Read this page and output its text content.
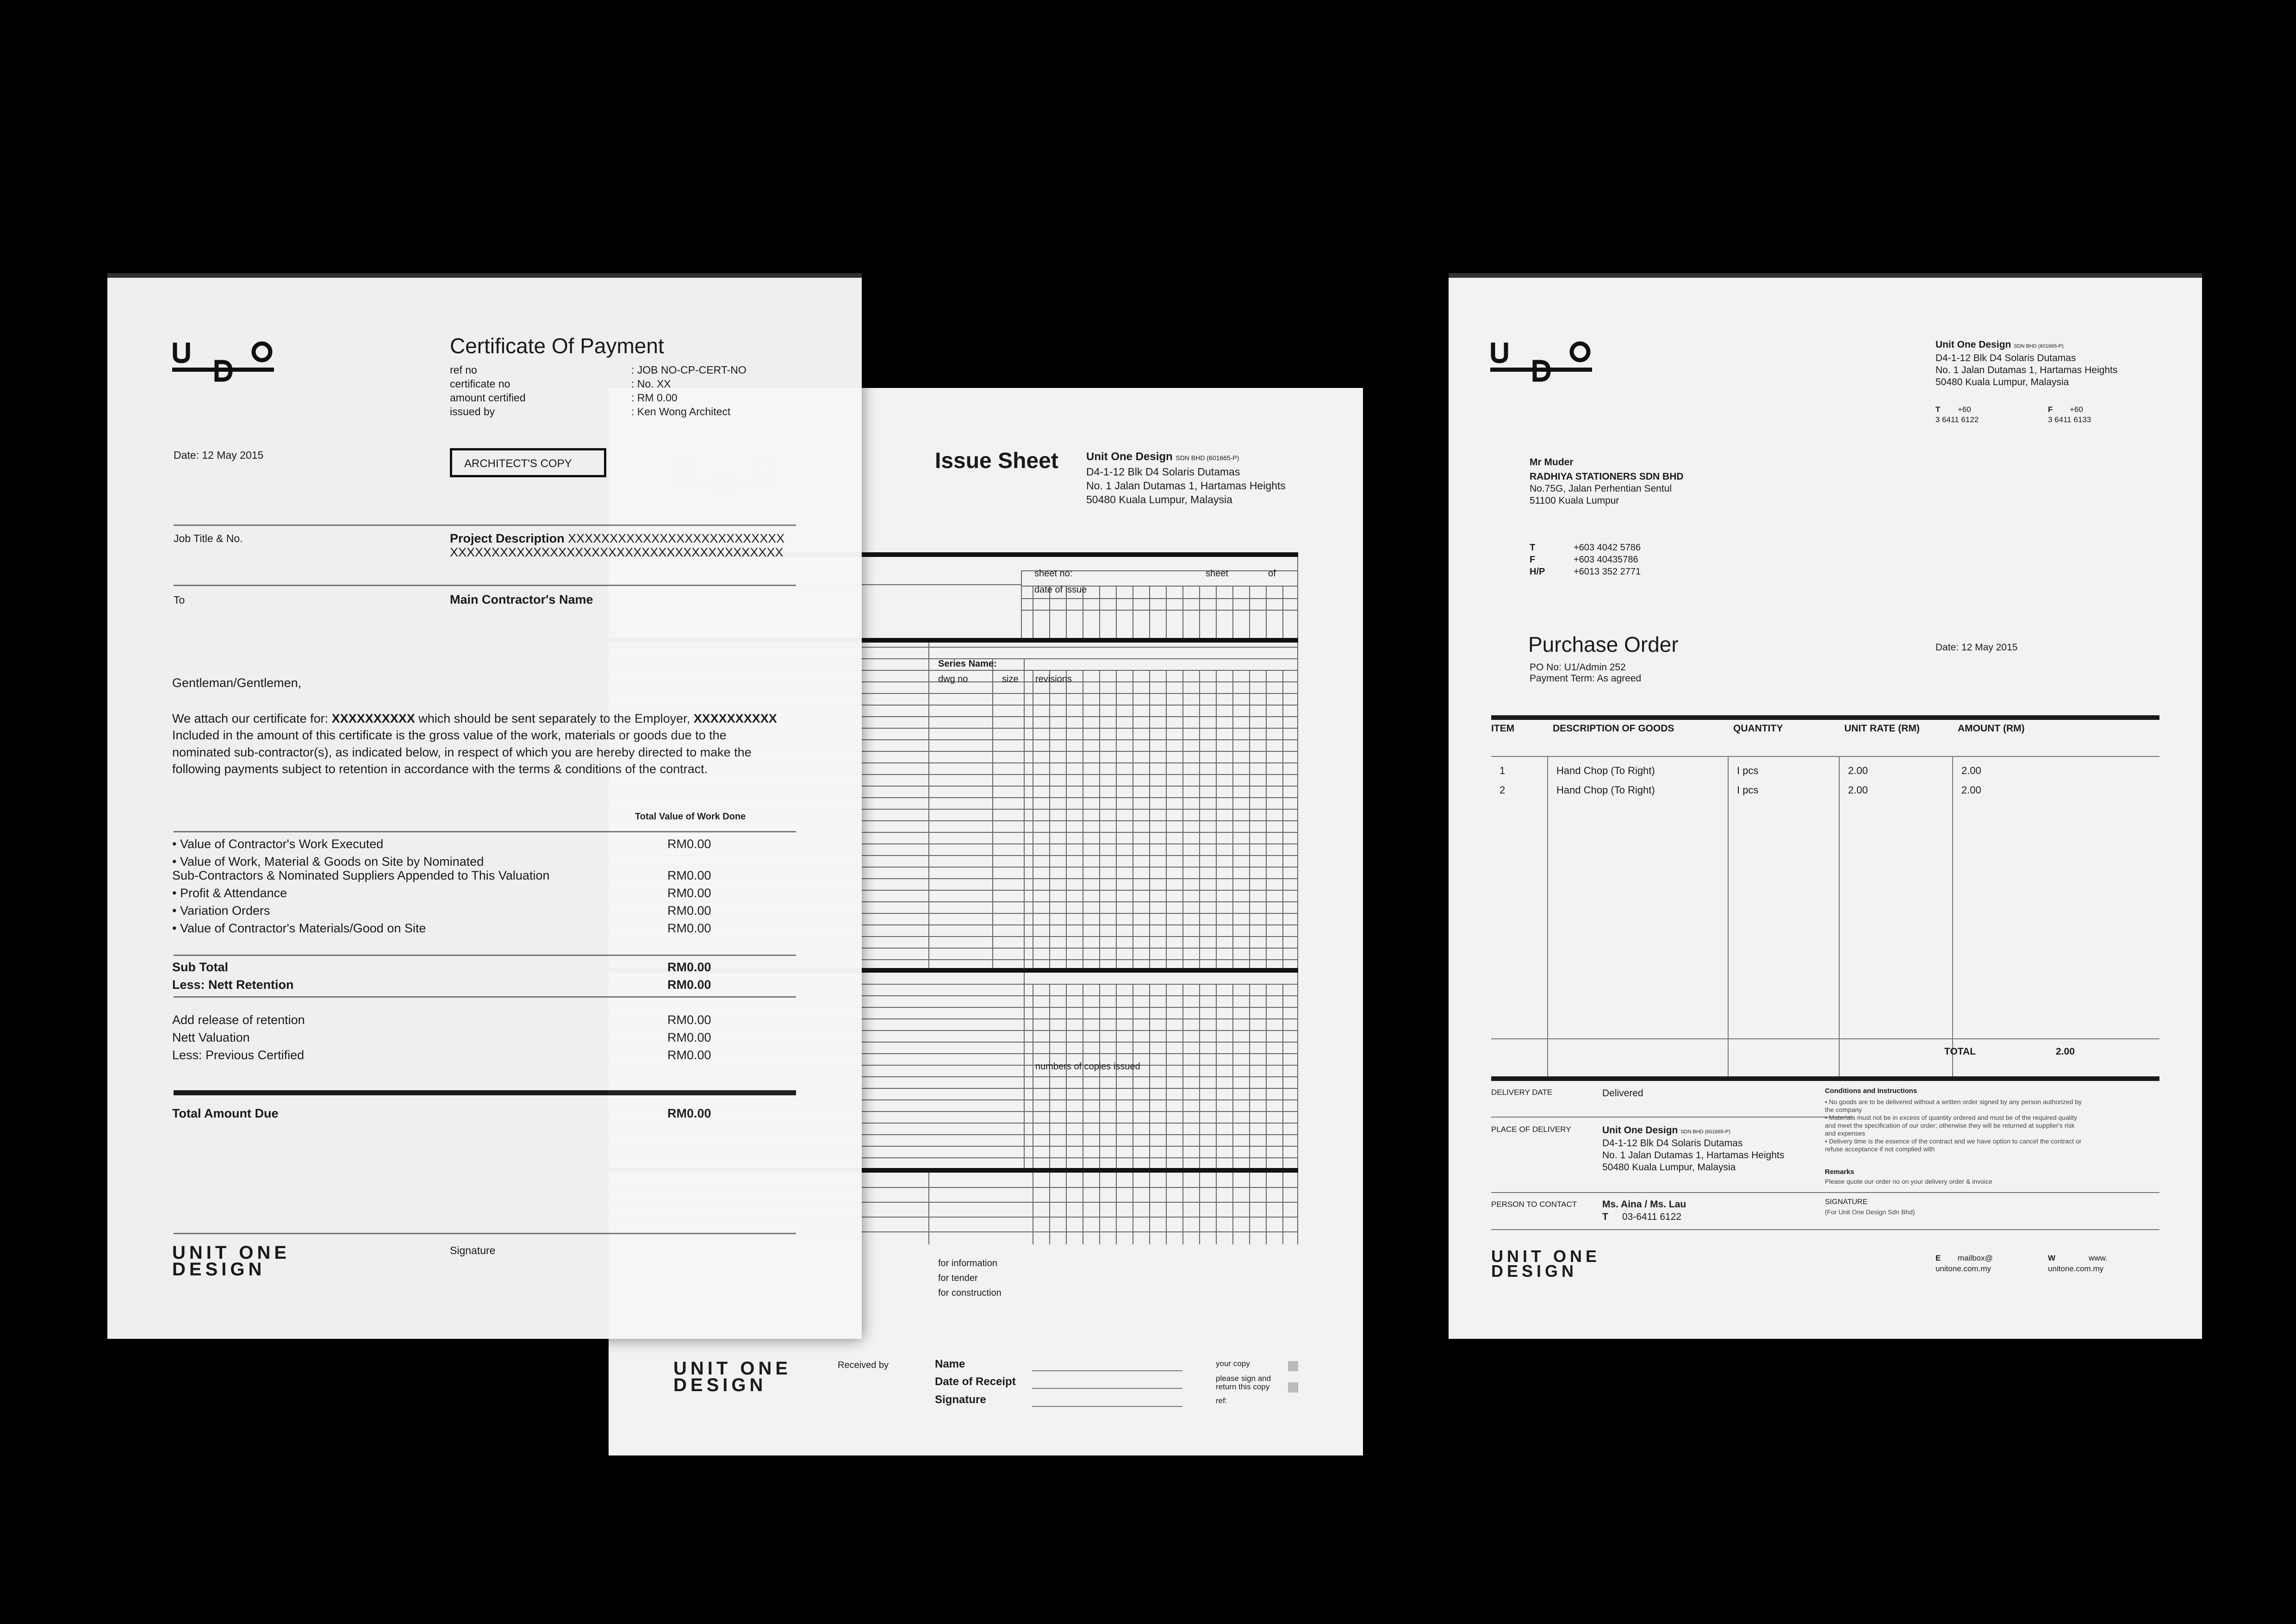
Issue Sheet	Unit One Design SDN BHD (601665-P)
D4-1-12 Blk D4 Solaris Dutamas
No. 1 Jalan Dutamas 1, Hartamas Heights
50480 Kuala Lumpur, Malaysia
sheet no:	sheet	of
date of issue
Series Name:
dwg no	size revisions
numbers of copies issued
for information
for tender
for construction
UNIT ONE
DESIGN
Received by	Name
Date of Receipt
Signature
your copy
please sign and
return this copy
ref:
Certificate Of Payment
ref no	: JOB NO-CP-CERT-NO
certificate no	: No. XX
amount certified	: RM 0.00
issued by	: Ken Wong Architect
Date: 12 May 2015
ARCHITECT'S COPY
Job Title & No.	Project Description XXXXXXXXXXXXXXXXXXXXXXXXXX
XXXXXXXXXXXXXXXXXXXXXXXXXXXXXXXXXXXXXXXX
To	Main Contractor's Name
Gentleman/Gentlemen,
We attach our certificate for: XXXXXXXXXX which should be sent separately to the Employer, XXXXXXXXXX
Included in the amount of this certificate is the gross value of the work, materials or goods due to the
nominated sub-contractor(s), as indicated below, in respect of which you are hereby directed to make the
following payments subject to retention in accordance with the terms & conditions of the contract.
Total Value of Work Done
• Value of Contractor's Work Executed	RM0.00
• Value of Work, Material & Goods on Site by Nominated
Sub-Contractors & Nominated Suppliers Appended to This Valuation	RM0.00
• Profit & Attendance	RM0.00
• Variation Orders	RM0.00
• Value of Contractor's Materials/Good on Site	RM0.00
Sub Total	RM0.00
Less: Nett Retention	RM0.00
Add release of retention	RM0.00
Nett Valuation	RM0.00
Less: Previous Certified	RM0.00
Total Amount Due	RM0.00
UNIT ONE
DESIGN
Signature
Unit One Design SDN BHD (601665-P)
D4-1-12 Blk D4 Solaris Dutamas
No. 1 Jalan Dutamas 1, Hartamas Heights
50480 Kuala Lumpur, Malaysia
T +60
3 6411 6122
F +60
3 6411 6133
Mr Muder
RADHIYA STATIONERS SDN BHD
No.75G, Jalan Perhentian Sentul
51100 Kuala Lumpur
T	+603 4042 5786
F	+603 40435786
H/P	+6013 352 2771
Purchase Order	Date: 12 May 2015
PO No: U1/Admin 252
Payment Term: As agreed
ITEM	DESCRIPTION OF GOODS	QUANTITY	UNIT RATE (RM)	AMOUNT (RM)
1	Hand Chop (To Right)	I pcs	2.00	2.00
2	Hand Chop (To Right)	I pcs	2.00	2.00
TOTAL	2.00
DELIVERY DATE	Delivered
PLACE OF DELIVERY	Unit One Design SDN BHD (601665-P)
D4-1-12 Blk D4 Solaris Dutamas
No. 1 Jalan Dutamas 1, Hartamas Heights
50480 Kuala Lumpur, Malaysia
PERSON TO CONTACT	Ms. Aina / Ms. Lau
T 03-6411 6122
Conditions and Instructions
• No goods are to be delivered without a written order signed by any person authorized by
the company
• Materials must not be in excess of quantity ordered and must be of the required quality
and meet the specification of our order; otherwise they will be returned at supplier's risk
and expenses
• Delivery time is the essence of the contract and we have option to cancel the contract or
refuse acceptance if not complied with
Remarks
Please quote our order no on your delivery order & invoice
SIGNATURE
(For Unit One Design Sdn Bhd)
UNIT ONE
DESIGN
E mailbox@
unitone.com.my
W	www.
unitone.com.my
